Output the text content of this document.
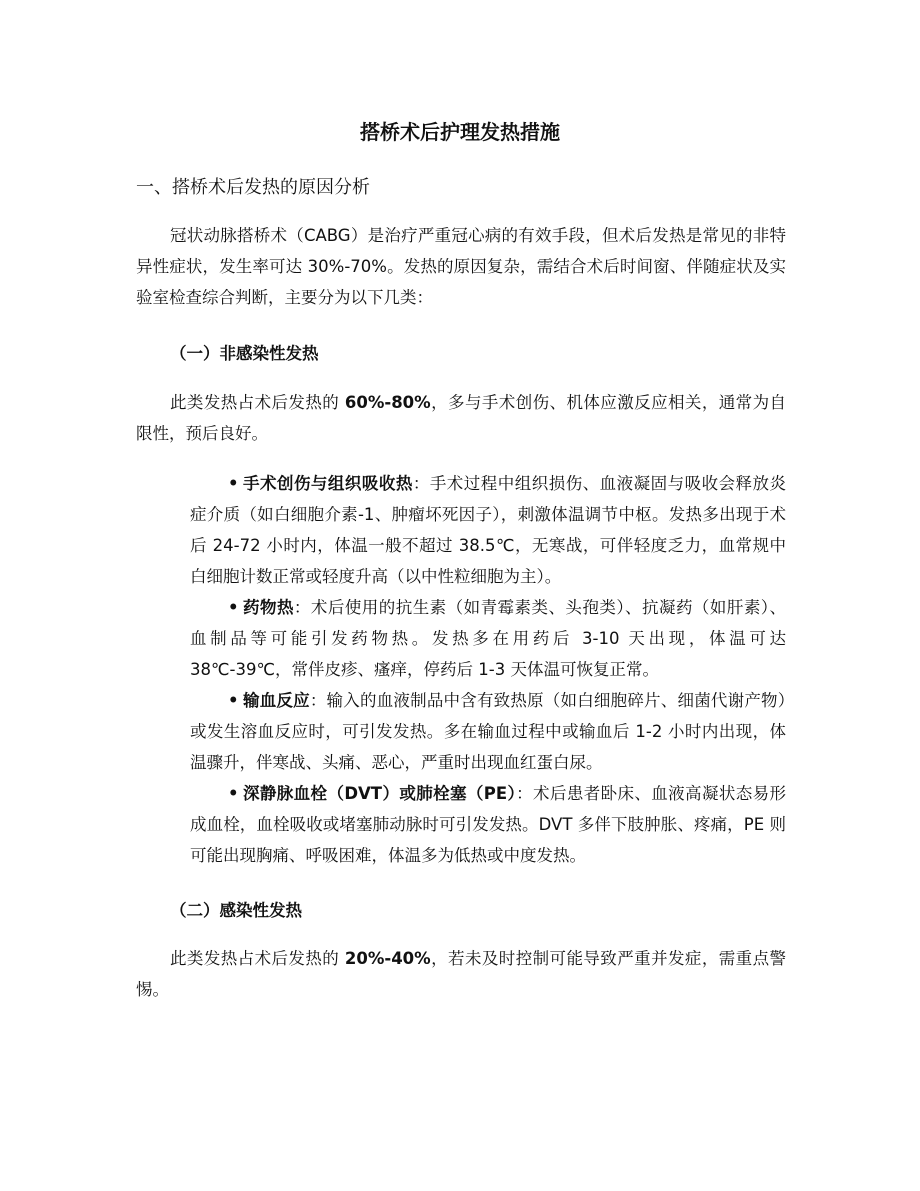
搭桥术后护理发热措施
一、搭桥术后发热的原因分析

冠状动脉搭桥术（CABG）是治疗严重冠心病的有效手段，但术后发热是常见的非特异性症状，发生率可达 30%-70%。发热的原因复杂，需结合术后时间窗、伴随症状及实验室检查综合判断，主要分为以下几类：

（一）非感染性发热

此类发热占术后发热的 60%-80%，多与手术创伤、机体应激反应相关，通常为自限性，预后良好。

• 手术创伤与组织吸收热：手术过程中组织损伤、血液凝固与吸收会释放炎症介质（如白细胞介素-1、肿瘤坏死因子），刺激体温调节中枢。发热多出现于术后 24-72 小时内，体温一般不超过 38.5℃，无寒战，可伴轻度乏力，血常规中白细胞计数正常或轻度升高（以中性粒细胞为主）。
• 药物热：术后使用的抗生素（如青霉素类、头孢类）、抗凝药（如肝素）、血制品等可能引发药物热。发热多在用药后 3-10 天出现，体温可达 38℃-39℃，常伴皮疹、瘙痒，停药后 1-3 天体温可恢复正常。
• 输血反应：输入的血液制品中含有致热原（如白细胞碎片、细菌代谢产物）或发生溶血反应时，可引发发热。多在输血过程中或输血后 1-2 小时内出现，体温骤升，伴寒战、头痛、恶心，严重时出现血红蛋白尿。
• 深静脉血栓（DVT）或肺栓塞（PE）：术后患者卧床、血液高凝状态易形成血栓，血栓吸收或堵塞肺动脉时可引发发热。DVT 多伴下肢肿胀、疼痛，PE 则可能出现胸痛、呼吸困难，体温多为低热或中度发热。
（二）感染性发热

此类发热占术后发热的 20%-40%，若未及时控制可能导致严重并发症，需重点警惕。
